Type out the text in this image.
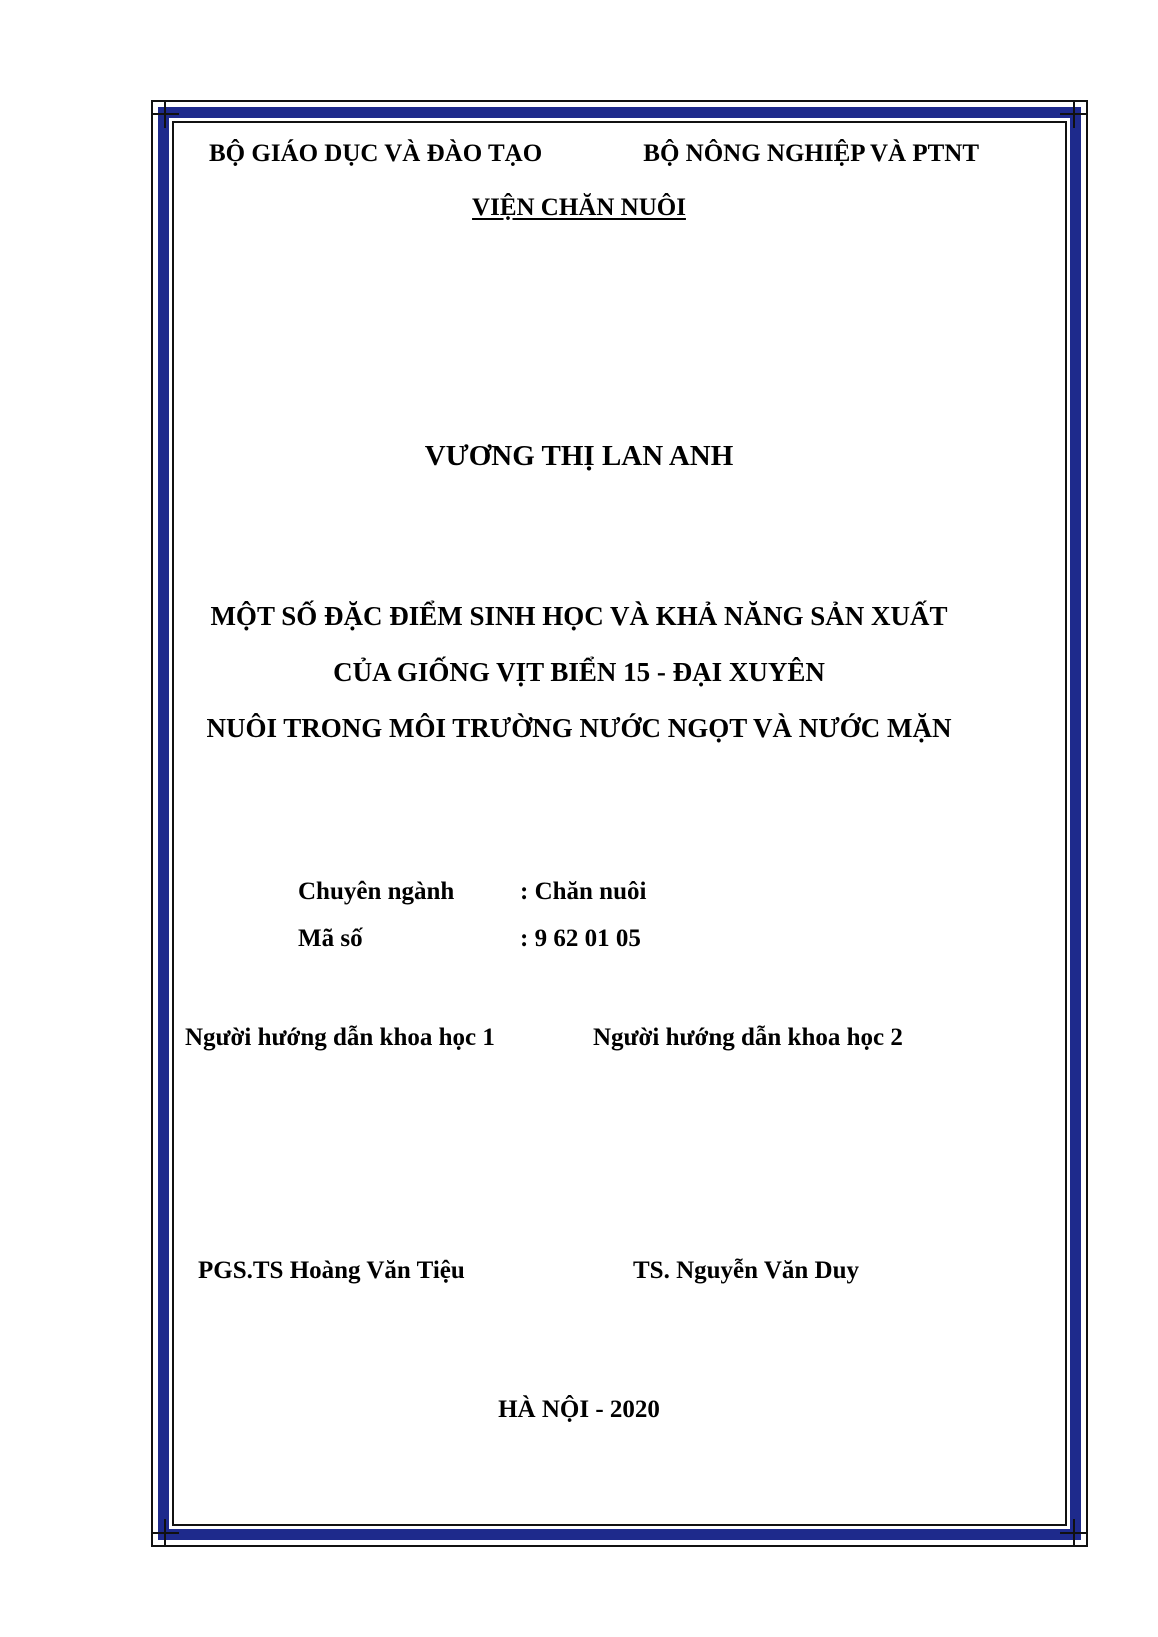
BỘ GIÁO DỤC VÀ ĐÀO TẠO	BỘ NÔNG NGHIỆP VÀ PTNT
VIỆN CHĂN NUÔI
VƯƠNG THỊ LAN ANH
MỘT SỐ ĐẶC ĐIỂM SINH HỌC VÀ KHẢ NĂNG SẢN XUẤT
CỦA GIỐNG VỊT BIỂN 15 - ĐẠI XUYÊN
NUÔI TRONG MÔI TRƯỜNG NƯỚC NGỌT VÀ NƯỚC MẶN
Chuyên ngành	: Chăn nuôi
Mã số	: 9 62 01 05
Người hướng dẫn khoa học 1	Người hướng dẫn khoa học 2
PGS.TS Hoàng Văn Tiệu	TS. Nguyễn Văn Duy
HÀ NỘI - 2020
